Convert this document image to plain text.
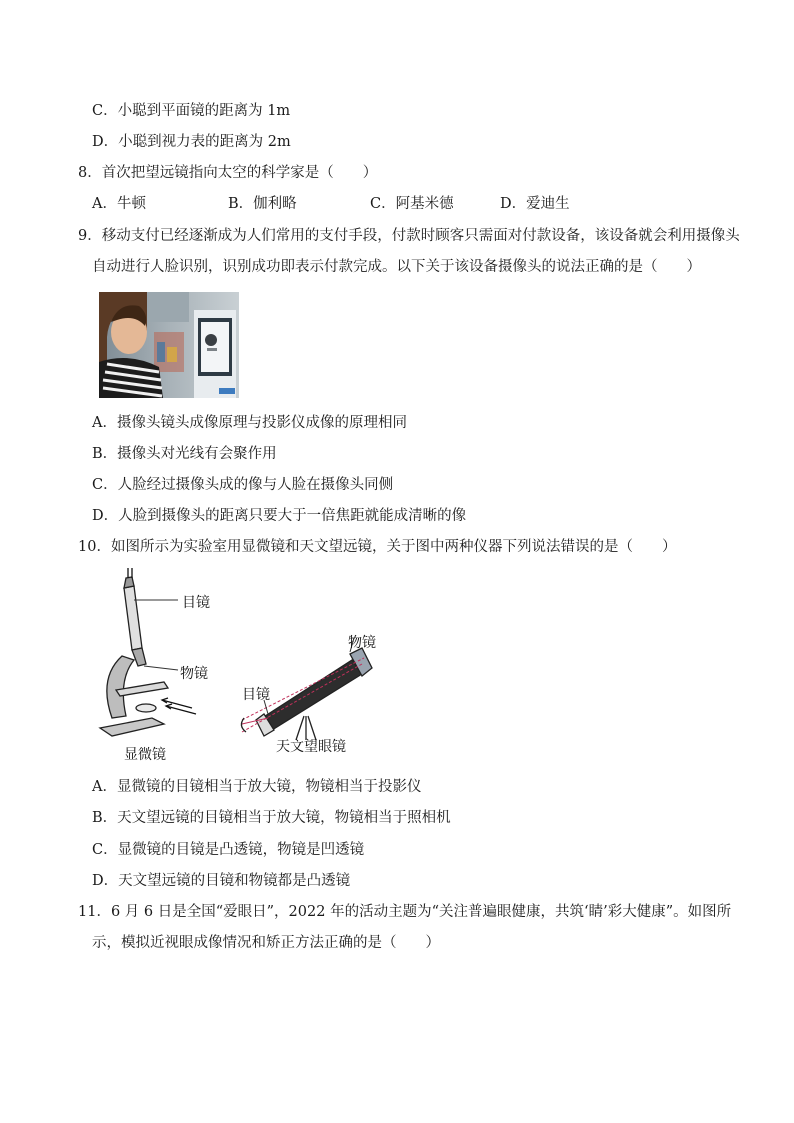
C．小聪到平面镜的距离为 1m
D．小聪到视力表的距离为 2m
8．首次把望远镜指向太空的科学家是（　　）
A．牛顿	B．伽利略	C．阿基米德	D．爱迪生
9．移动支付已经逐渐成为人们常用的支付手段，付款时顾客只需面对付款设备，该设备就会利用摄像头
自动进行人脸识别，识别成功即表示付款完成。以下关于该设备摄像头的说法正确的是（　　）
A．摄像头镜头成像原理与投影仪成像的原理相同
B．摄像头对光线有会聚作用
C．人脸经过摄像头成的像与人脸在摄像头同侧
D．人脸到摄像头的距离只要大于一倍焦距就能成清晰的像
10．如图所示为实验室用显微镜和天文望远镜，关于图中两种仪器下列说法错误的是（　　）
目镜
物镜
显微镜
物镜
目镜
天文望眼镜
A．显微镜的目镜相当于放大镜，物镜相当于投影仪
B．天文望远镜的目镜相当于放大镜，物镜相当于照相机
C．显微镜的目镜是凸透镜，物镜是凹透镜
D．天文望远镜的目镜和物镜都是凸透镜
11．6 月 6 日是全国“爱眼日”，2022 年的活动主题为“关注普遍眼健康，共筑‘睛’彩大健康”。如图所
示，模拟近视眼成像情况和矫正方法正确的是（　　）
